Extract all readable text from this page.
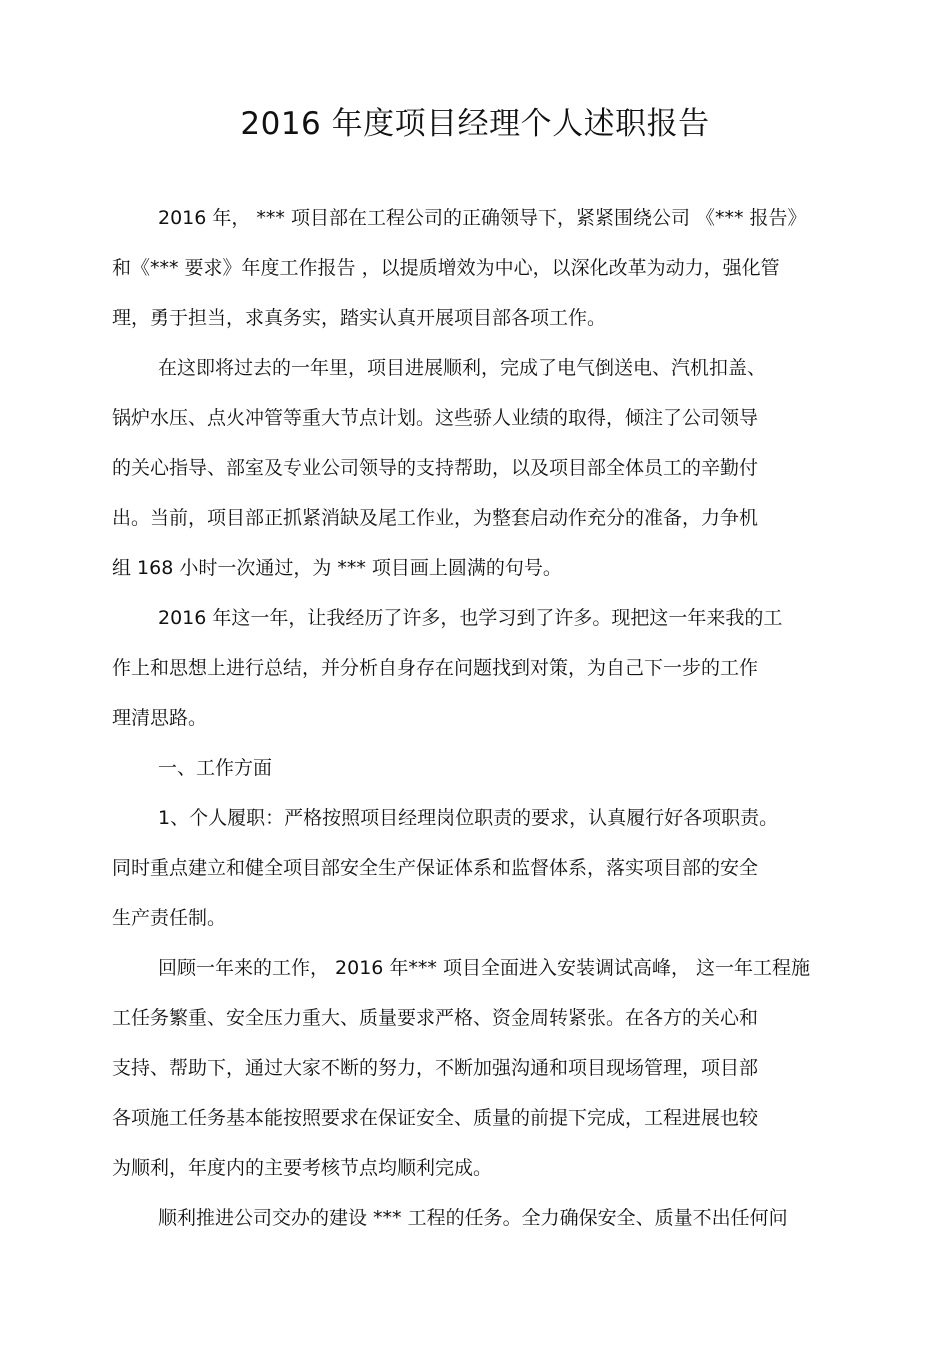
2016 年度项目经理个人述职报告
2016 年， *** 项目部在工程公司的正确领导下，紧紧围绕公司 《*** 报告》
和《*** 要求》年度工作报告 ，以提质增效为中心，以深化改革为动力，强化管
理，勇于担当，求真务实，踏实认真开展项目部各项工作。
在这即将过去的一年里，项目进展顺利，完成了电气倒送电、汽机扣盖、
锅炉水压、点火冲管等重大节点计划。这些骄人业绩的取得，倾注了公司领导
的关心指导、部室及专业公司领导的支持帮助，以及项目部全体员工的辛勤付
出。当前，项目部正抓紧消缺及尾工作业，为整套启动作充分的准备，力争机
组 168 小时一次通过，为 *** 项目画上圆满的句号。
2016 年这一年，让我经历了许多，也学习到了许多。现把这一年来我的工
作上和思想上进行总结，并分析自身存在问题找到对策，为自己下一步的工作
理清思路。
一、工作方面
1、个人履职：严格按照项目经理岗位职责的要求，认真履行好各项职责。
同时重点建立和健全项目部安全生产保证体系和监督体系，落实项目部的安全
生产责任制。
回顾一年来的工作， 2016 年*** 项目全面进入安装调试高峰， 这一年工程施
工任务繁重、安全压力重大、质量要求严格、资金周转紧张。在各方的关心和
支持、帮助下，通过大家不断的努力，不断加强沟通和项目现场管理，项目部
各项施工任务基本能按照要求在保证安全、质量的前提下完成，工程进展也较
为顺利，年度内的主要考核节点均顺利完成。
顺利推进公司交办的建设 *** 工程的任务。全力确保安全、质量不出任何问
